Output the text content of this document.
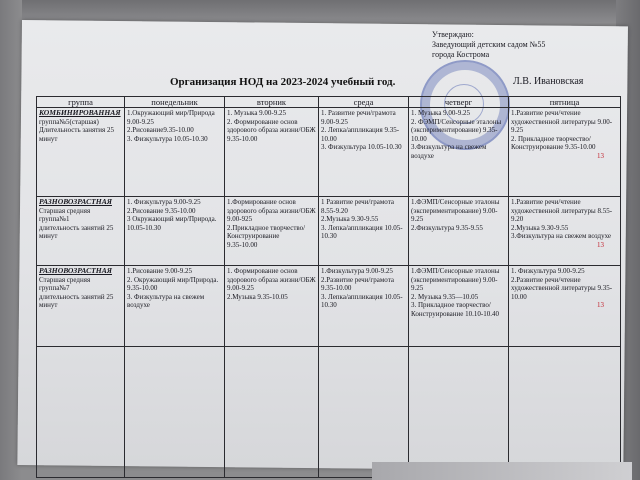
Утверждаю:
Заведующий детским садом №55
города Кострома
Л.В. Ивановская
Организация НОД на 2023-2024 учебный год.
группа	понедельник	вторник	среда	четверг	пятница

КОМБИНИРОВАННАЯ
группа№5(старшая)
Длительность занятия 25 минут	1.Окружающий мир/Природа 9.00-9.25
2.Рисование9.35-10.00
3. Физкультура 10.05-10.30	1. Музыка 9.00-9.25
2. Формирование основ здорового образа жизни/ОБЖ 9.35-10.00	1. Развитие речи/грамота 9.00-9.25
2. Лепка/аппликация 9.35-10.00
3. Физкультура 10.05-10.30	1. Музыка 9.00-9.25
2. ФЭМП/Сенсорные эталоны (экспериментирование) 9.35-10.00
3.Физкультура на свежем воздухе	1.Развитие речи/чтение художественной литературы 9.00-9.25
2. Прикладное творчество/Конструирование 9.35-10.00
13

РАЗНОВОЗРАСТНАЯ
Старшая средняя группа№1
длительность занятий 25 минут	1. Физкультура 9.00-9.25
2.Рисование 9.35-10.00
3 Окружающий мир/Природа. 10.05-10.30	1.Формирование основ здорового образа жизни/ОБЖ 9.00-925
2.Прикладное творчество/Конструирование
9.35-10.00	1 Развитие речи/грамота 8.55-9.20
2.Музыка 9.30-9.55
3. Лепка/аппликация 10.05-10.30	1.ФЭМП/Сенсорные эталоны (экспериментирование) 9.00-9.25
2.Физкультура 9.35-9.55	1.Развитие речи/чтение художественной литературы 8.55-9.20
2.Музыка 9.30-9.55
3.Физкультура на свежем воздухе
13

РАЗНОВОЗРАСТНАЯ
Старшая средняя группа№7
длительность занятий 25 минут	1.Рисование 9.00-9.25
2. Окружающий мир/Природа. 9.35-10.00
3. Физкультура на свежем воздухе	1. Формирование основ здорового образа жизни/ОБЖ 9.00-9.25
2.Музыка 9.35-10.05	1.Физкультура 9.00-9.25
2.Развитие речи/грамота 9.35-10.00
3. Лепка/аппликация 10.05-10.30	1.ФЭМП/Сенсорные эталоны (экспериментирование) 9.00-9.25
2. Музыка 9.35—10.05
3. Прикладное творчество/Конструирование 10.10-10.40	1. Физкультура 9.00-9.25
2.Развитие речи/чтение художественной литературы 9.35-10.00
13
